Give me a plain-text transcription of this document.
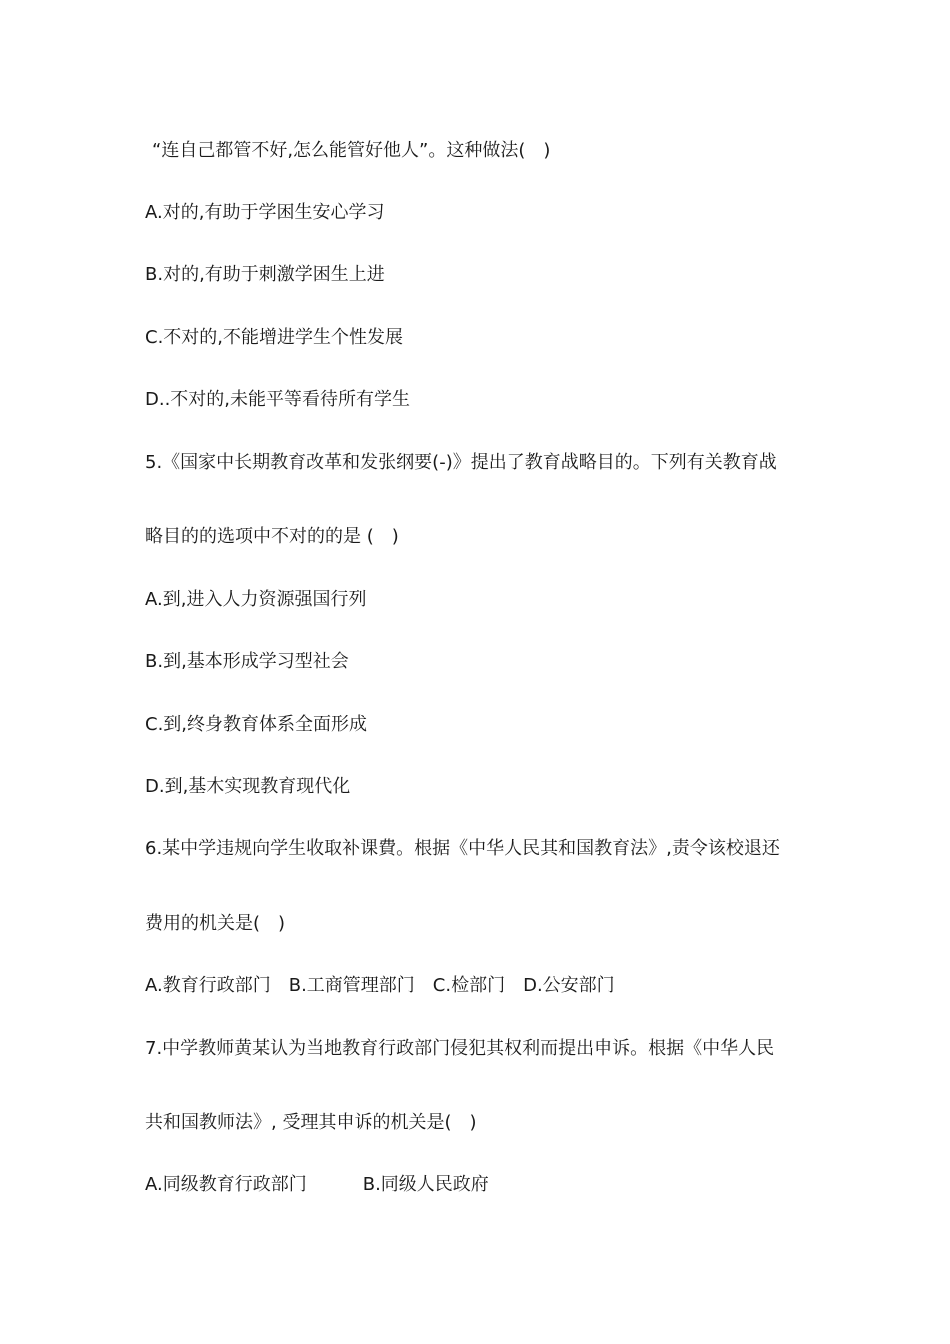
“连自己都管不好,怎么能管好他人”。这种做法(　)
A.对的,有助于学困生安心学习
B.对的,有助于刺激学困生上进
C.不对的,不能增进学生个性发展
D..不对的,未能平等看待所有学生
5.《国家中长期教育改革和发张纲要(-)》提出了教育战略目的。下列有关教育战
略目的的选项中不对的的是 (　)
A.到,进入人力资源强国行列
B.到,基本形成学习型社会
C.到,终身教育体系全面形成
D.到,基木实现教育现代化
6.某中学违规向学生收取补课費。根据《中华人民其和国教育法》,责令该校退还
费用的机关是(　)
A.教育行政部门 B.工商管理部门 C.检部门 D.公安部门
7.中学教师黄某认为当地教育行政部门侵犯其权利而提出申诉。根据《中华人民
共和国教师法》, 受理其申诉的机关是(　)
A.同级教育行政部门	B.同级人民政府
